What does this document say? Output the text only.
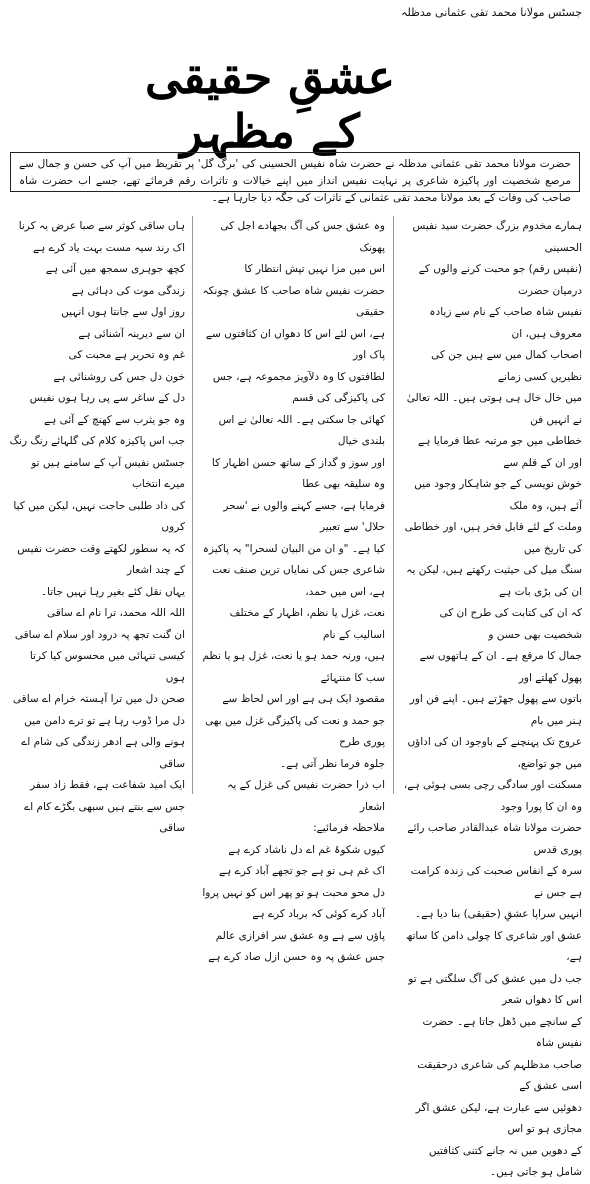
جسٹس مولانا محمد تقی عثمانی مدظلہ
عشقِ حقیقی کے مظہر
حضرت مولانا محمد تقی عثمانی مدظلہ نے حضرت شاہ نفیس الحسینی کی 'برگ گل' پر تقریظ میں آپ کی حسن و جمال سے مرصع شخصیت اور پاکیزہ شاعری پر نہایت نفیس انداز میں اپنے خیالات و تاثرات رقم فرمائے تھے، جسے اب حضرت شاہ صاحب کی وفات کے بعد مولانا محمد تقی عثمانی کے تاثرات کی جگہ دیا جارہا ہے۔

ہمارے مخدوم بزرگ حضرت سید نفیس الحسینی

(نفیس رقم) جو محبت کرنے والوں کے درمیان حضرت

نفیس شاہ صاحب کے نام سے زیادہ معروف ہیں، ان

اصحاب کمال میں سے ہیں جن کی نظیریں کسی زمانے

میں خال خال ہی ہوتی ہیں۔ اللہ تعالیٰ نے انہیں فن

خطاطی میں جو مرتبہ عطا فرمایا ہے اور ان کے قلم سے

خوش نویسی کے جو شاہکار وجود میں آئے ہیں، وہ ملک

وملت کے لئے قابل فخر ہیں، اور خطاطی کی تاریخ میں

سنگ میل کی حیثیت رکھتے ہیں، لیکن یہ ان کی بڑی بات ہے

کہ ان کی کتابت کی طرح ان کی شخصیت بھی حسن و

جمال کا مرقع ہے۔ ان کے ہاتھوں سے پھول کھلتے اور

باتوں سے پھول جھڑتے ہیں۔ اپنے فن اور ہنر میں بام

عروج تک پہنچنے کے باوجود ان کی اداؤں میں جو تواضع،

مسکنت اور سادگی رچی بسی ہوئی ہے، وہ ان کا پورا وجود

حضرت مولانا شاہ عبدالقادر صاحب رائے پوری قدس

سرہ کے انفاس صحبت کی زندہ کرامت ہے جس نے

انہیں سراپا عشقِ (حقیقی) بنا دیا ہے۔

عشق اور شاعری کا چولی دامن کا ساتھ ہے،

جب دل میں عشق کی آگ سلگتی ہے تو اس کا دھواں شعر

کے سانچے میں ڈھل جاتا ہے۔ حضرت نفیس شاہ

صاحب مدظلہم کی شاعری درحقیقت اسی عشق کے

دھوئیں سے عبارت ہے، لیکن عشق اگر مجازی ہو تو اس

کے دھویں میں نہ جانے کتنی کثافتیں شامل ہو جاتی ہیں۔

وہ عشق جس کی آگ بجھادے اجل کی پھونک

اس میں مزا نہیں تپش انتظار کا

حضرت نفیس شاہ صاحب کا عشق چونکہ حقیقی

ہے، اس لئے اس کا دھواں ان کثافتوں سے پاک اور

لطافتوں کا وہ دلآویز مجموعہ ہے، جس کی پاکیزگی کی قسم

کھائی جا سکتی ہے۔ اللہ تعالیٰ نے اس بلندی خیال

اور سوز و گداز کے ساتھ حسن اظہار کا وہ سلیقہ بھی عطا

فرمایا ہے، جسے کہنے والوں نے 'سحر حلال' سے تعبیر

کیا ہے۔ "و ان من البیان لسحرا" یہ پاکیزہ

شاعری جس کی نمایاں ترین صنف نعت ہے، اس میں حمد،

نعت، غزل یا نظم، اظہار کے مختلف اسالیب کے نام

ہیں، ورنہ حمد ہو یا نعت، غزل ہو یا نظم سب کا منتہائے

مقصود ایک ہی ہے اور اس لحاظ سے

جو حمد و نعت کی پاکیزگی غزل میں بھی پوری طرح

جلوہ فرما نظر آتی ہے۔

اب ذرا حضرت نفیس کی غزل کے یہ اشعار

ملاحظہ فرمائیے:

کیوں شکوۂ غم اے دل ناشاد کرے ہے

اک غم ہی تو ہے جو تجھے آباد کرے ہے

دل محو محبت ہو تو پھر اس کو نہیں پروا

آباد کرے کوئی کہ برباد کرے ہے

پاؤں سے ہے وہ عشق سر افرازی عالم

جس عشق پہ وہ حسن ازل صاد کرے ہے

ہاں ساقی کوثر سے صبا عرض یہ کرنا

اک رند سیہ مست بہت یاد کرے ہے

کچھ جوہری سمجھ میں آئی ہے

زندگی موت کی دہائی ہے

روز اول سے جانتا ہوں انہیں

ان سے دیرینہ آشنائی ہے

غم وہ تحریر ہے محبت کی

خون دل جس کی روشنائی ہے

دل کے ساغر سے پی رہا ہوں نفیس

وہ جو یثرب سے کھنچ کے آئی ہے

جب اس پاکیزہ کلام کی گلہائے رنگ رنگ

جسٹس نفیس آپ کے سامنے ہیں تو میرے انتخاب

کی داد طلبی حاجت نہیں، لیکن میں کیا کروں

کہ یہ سطور لکھتے وقت حضرت نفیس کے چند اشعار

یہاں نقل کئے بغیر رہا نہیں جاتا۔

اللہ اللہ محمد، ترا نام اے ساقی

ان گنت تجھ پہ درود اور سلام اے ساقی

کیسی تنہائی میں محسوس کیا کرتا ہوں

صحن دل میں ترا آہستہ خرام اے ساقی

دل مرا ڈوب رہا ہے تو ترے دامن میں

ہونے والی ہے ادھر زندگی کی شام اے ساقی

ایک امید شفاعت ہے، فقط زاد سفر

جس سے بنتے ہیں سبھی بگڑے کام اے ساقی
